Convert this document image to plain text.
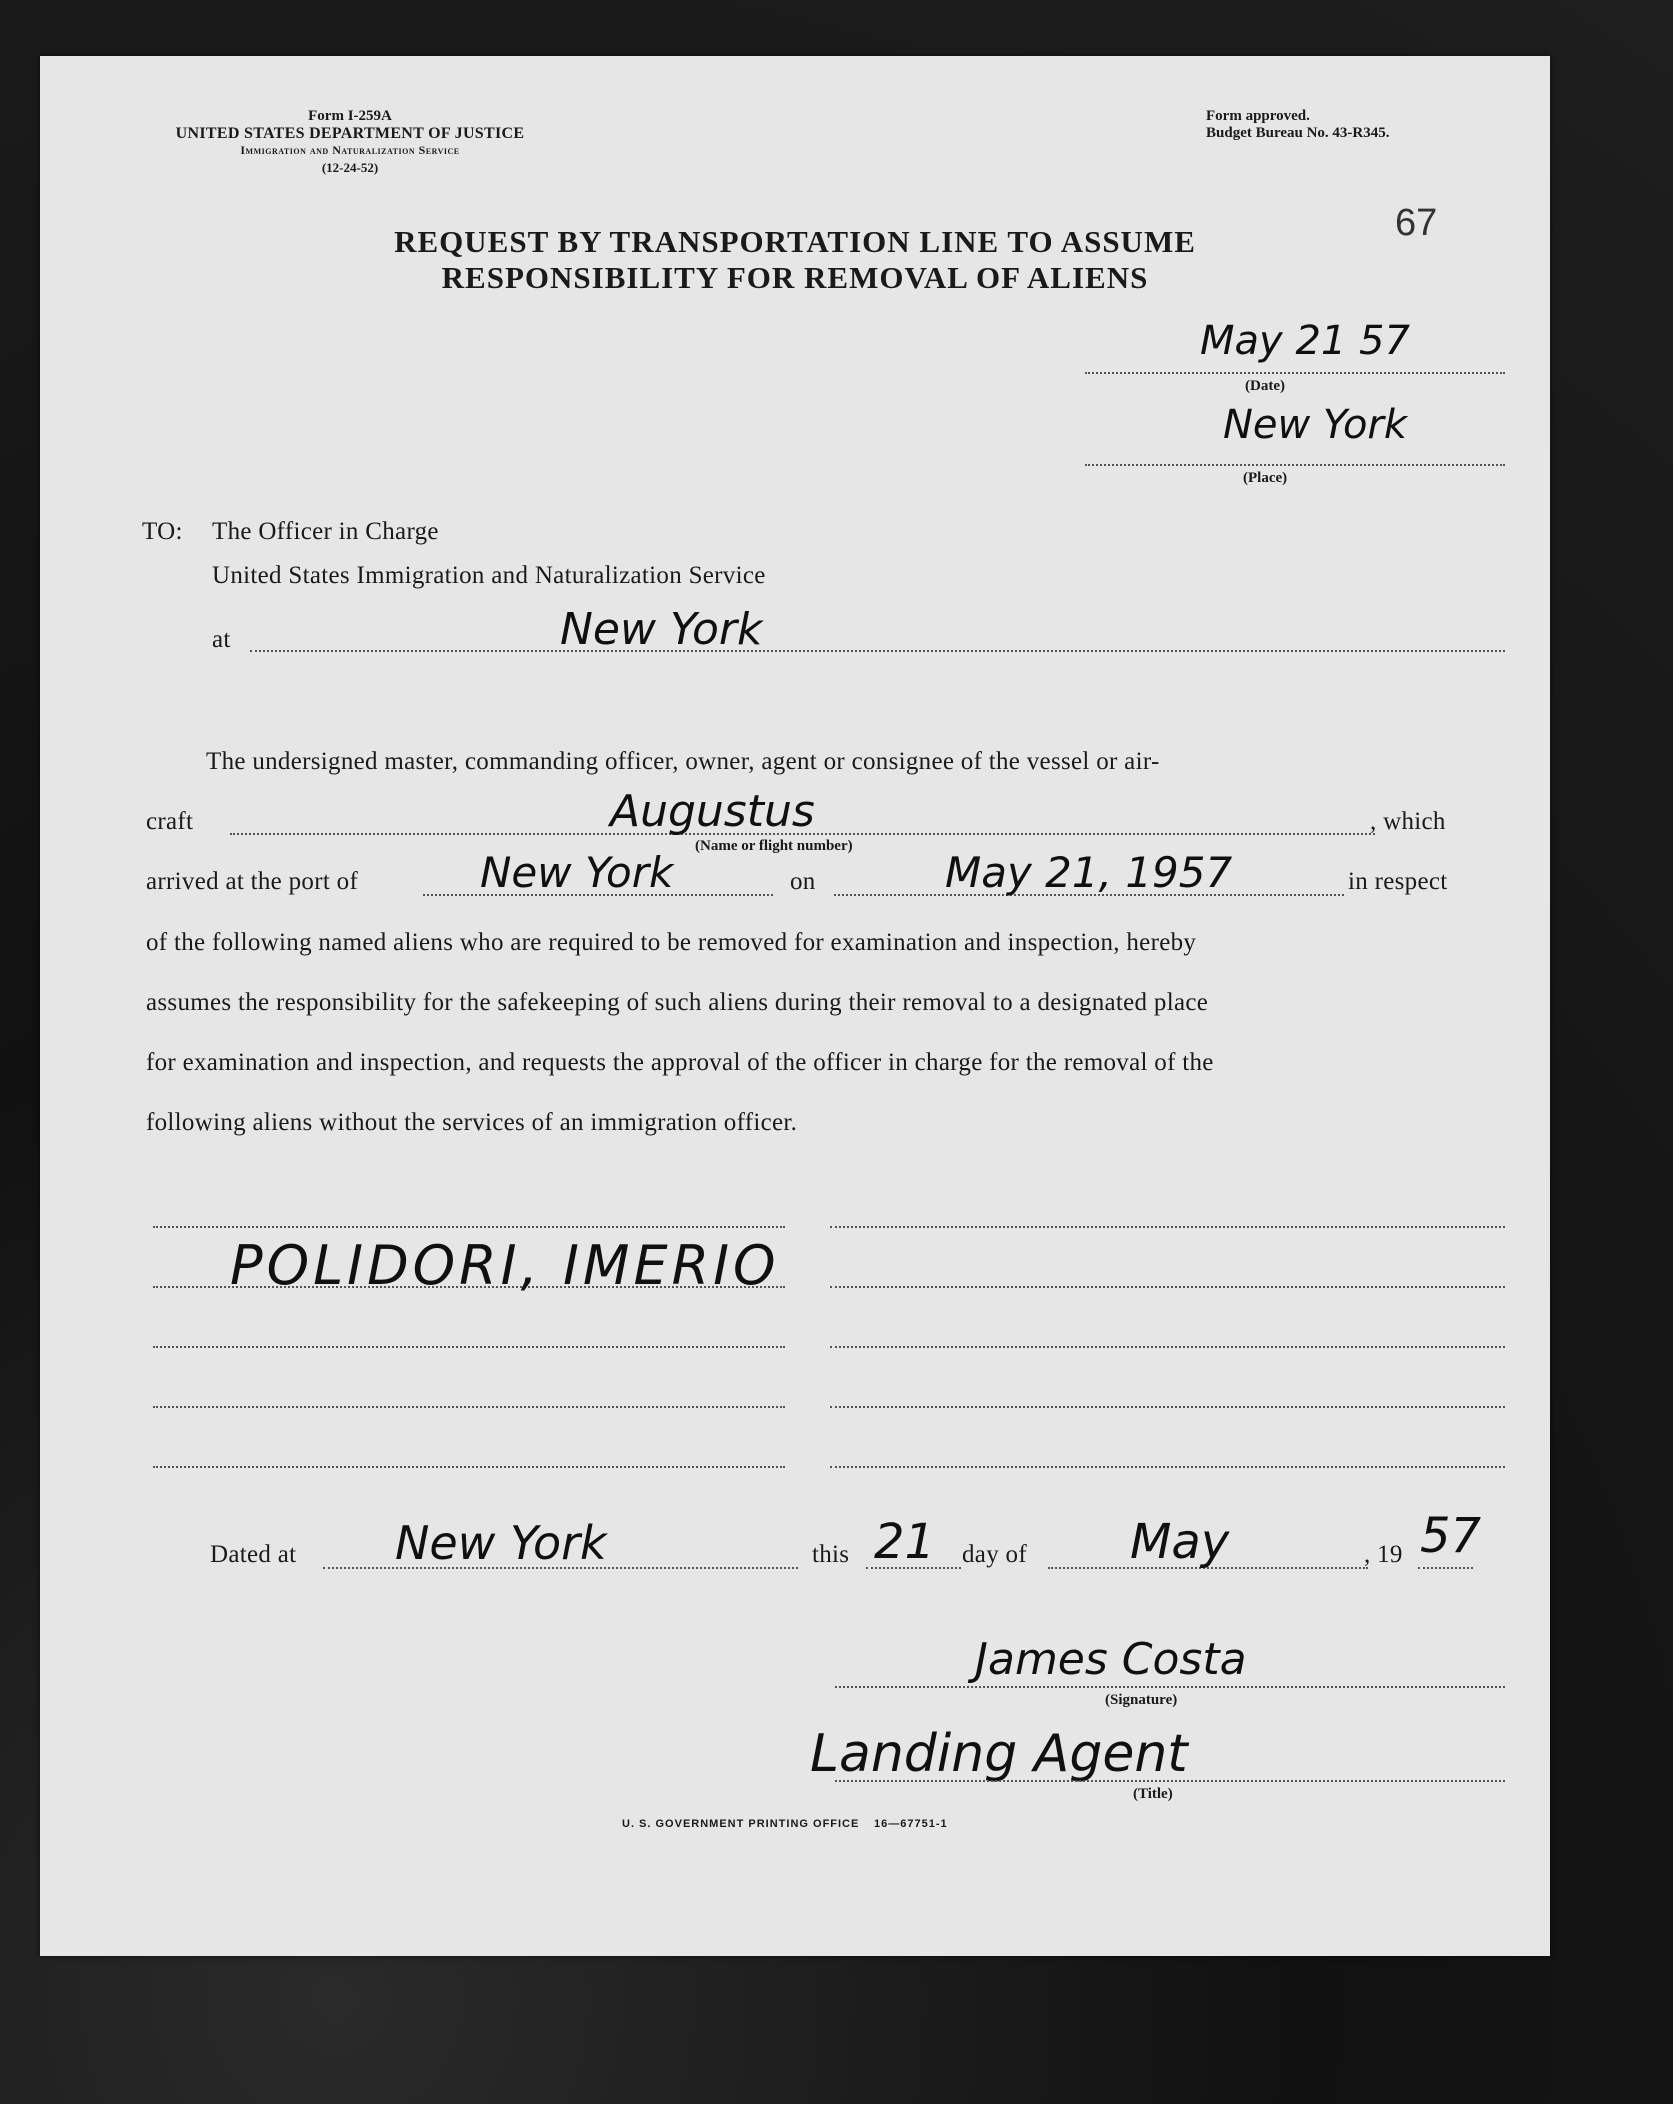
Form I-259A
UNITED STATES DEPARTMENT OF JUSTICE
Immigration and Naturalization Service
(12-24-52)
Form approved.
Budget Bureau No. 43-R345.
67
REQUEST BY TRANSPORTATION LINE TO ASSUME
RESPONSIBILITY FOR REMOVAL OF ALIENS
May 21 57
(Date)
New York
(Place)
TO: The Officer in Charge
United States Immigration and Naturalization Service
at	New York
The undersigned master, commanding officer, owner, agent or consignee of the vessel or air-
craft	Augustus	, which
(Name or flight number)
arrived at the port of	New York	on	May 21, 1957	in respect
of the following named aliens who are required to be removed for examination and inspection, hereby
assumes the responsibility for the safekeeping of such aliens during their removal to a designated place
for examination and inspection, and requests the approval of the officer in charge for the removal of the
following aliens without the services of an immigration officer.
POLIDORI, IMERIO
Dated at New York	this 21 day of May	, 19 57
James Costa
(Signature)
Landing Agent
(Title)
U. S. GOVERNMENT PRINTING OFFICE 16—67751-1
